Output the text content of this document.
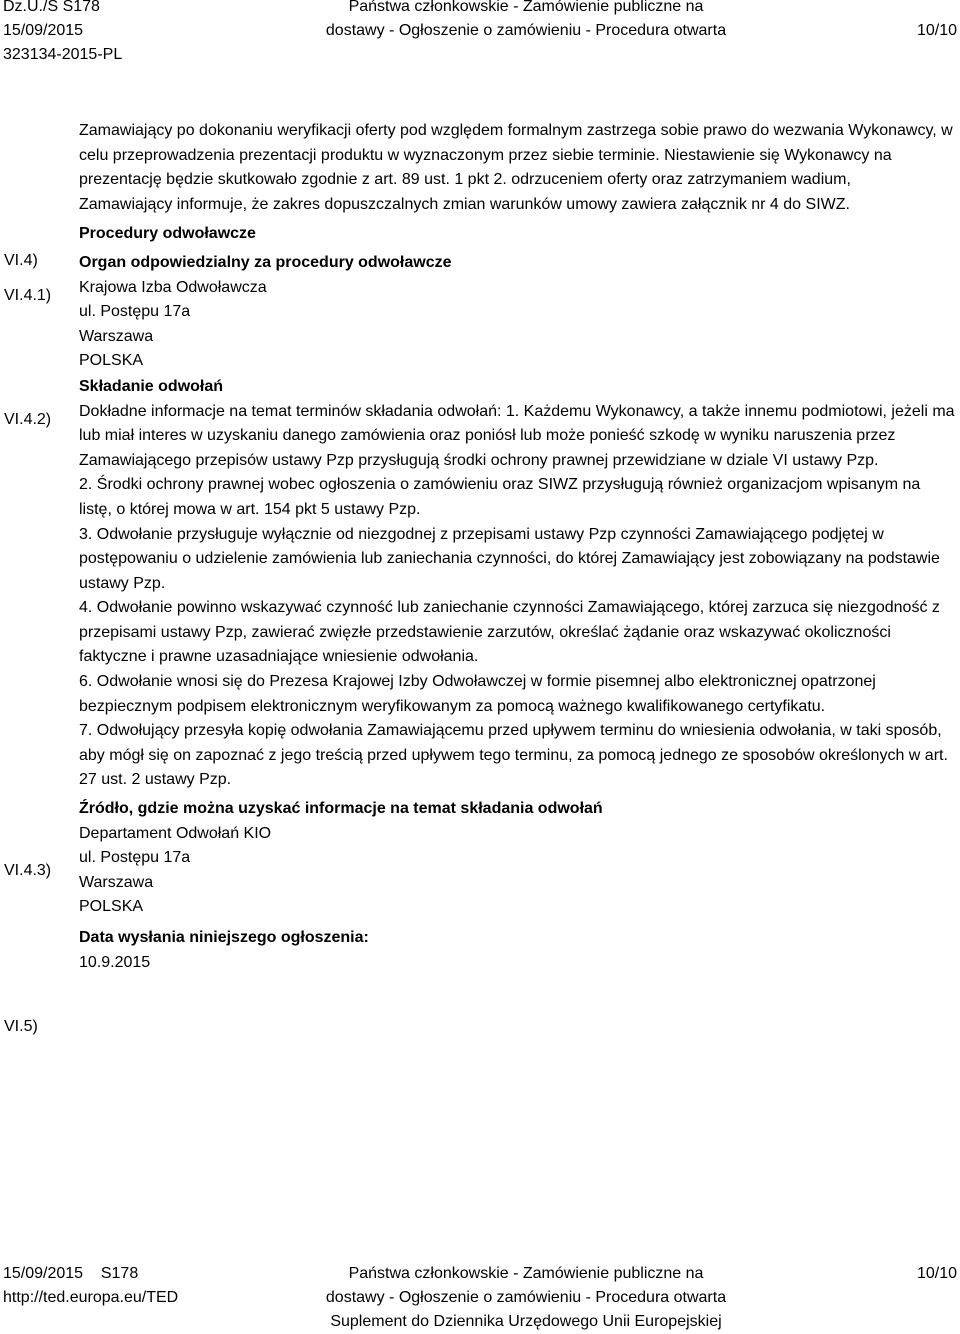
Dz.U./S S178
15/09/2015
323134-2015-PL
Państwa członkowskie - Zamówienie publiczne na
dostawy - Ogłoszenie o zamówieniu - Procedura otwarta	10/10
VI.4)
VI.4.1)
VI.4.2)
VI.4.3)
VI.5)

Zamawiający po dokonaniu weryfikacji oferty pod względem formalnym zastrzega sobie prawo do wezwania Wykonawcy, w celu przeprowadzenia prezentacji produktu w wyznaczonym przez siebie terminie. Niestawienie się Wykonawcy na prezentację będzie skutkowało zgodnie z art. 89 ust. 1 pkt 2. odrzuceniem oferty oraz zatrzymaniem wadium,

Zamawiający informuje, że zakres dopuszczalnych zmian warunków umowy zawiera załącznik nr 4 do SIWZ.

Procedury odwoławcze

Organ odpowiedzialny za procedury odwoławcze

Krajowa Izba Odwoławcza
ul. Postępu 17a
Warszawa
POLSKA

Składanie odwołań

Dokładne informacje na temat terminów składania odwołań: 1. Każdemu Wykonawcy, a także innemu podmiotowi, jeżeli ma lub miał interes w uzyskaniu danego zamówienia oraz poniósł lub może ponieść szkodę w wyniku naruszenia przez Zamawiającego przepisów ustawy Pzp przysługują środki ochrony prawnej przewidziane w dziale VI ustawy Pzp.

2. Środki ochrony prawnej wobec ogłoszenia o zamówieniu oraz SIWZ przysługują również organizacjom wpisanym na listę, o której mowa w art. 154 pkt 5 ustawy Pzp.

3. Odwołanie przysługuje wyłącznie od niezgodnej z przepisami ustawy Pzp czynności Zamawiającego podjętej w postępowaniu o udzielenie zamówienia lub zaniechania czynności, do której Zamawiający jest zobowiązany na podstawie ustawy Pzp.

4. Odwołanie powinno wskazywać czynność lub zaniechanie czynności Zamawiającego, której zarzuca się niezgodność z przepisami ustawy Pzp, zawierać zwięzłe przedstawienie zarzutów, określać żądanie oraz wskazywać okoliczności faktyczne i prawne uzasadniające wniesienie odwołania.

6. Odwołanie wnosi się do Prezesa Krajowej Izby Odwoławczej w formie pisemnej albo elektronicznej opatrzonej bezpiecznym podpisem elektronicznym weryfikowanym za pomocą ważnego kwalifikowanego certyfikatu.

7. Odwołujący przesyła kopię odwołania Zamawiającemu przed upływem terminu do wniesienia odwołania, w taki sposób, aby mógł się on zapoznać z jego treścią przed upływem tego terminu, za pomocą jednego ze sposobów określonych w art. 27 ust. 2 ustawy Pzp.

Źródło, gdzie można uzyskać informacje na temat składania odwołań

Departament Odwołań KIO
ul. Postępu 17a
Warszawa
POLSKA

Data wysłania niniejszego ogłoszenia:

10.9.2015

15/09/2015 S178
http://ted.europa.eu/TED
Państwa członkowskie - Zamówienie publiczne na
dostawy - Ogłoszenie o zamówieniu - Procedura otwarta
Suplement do Dziennika Urzędowego Unii Europejskiej
10/10
